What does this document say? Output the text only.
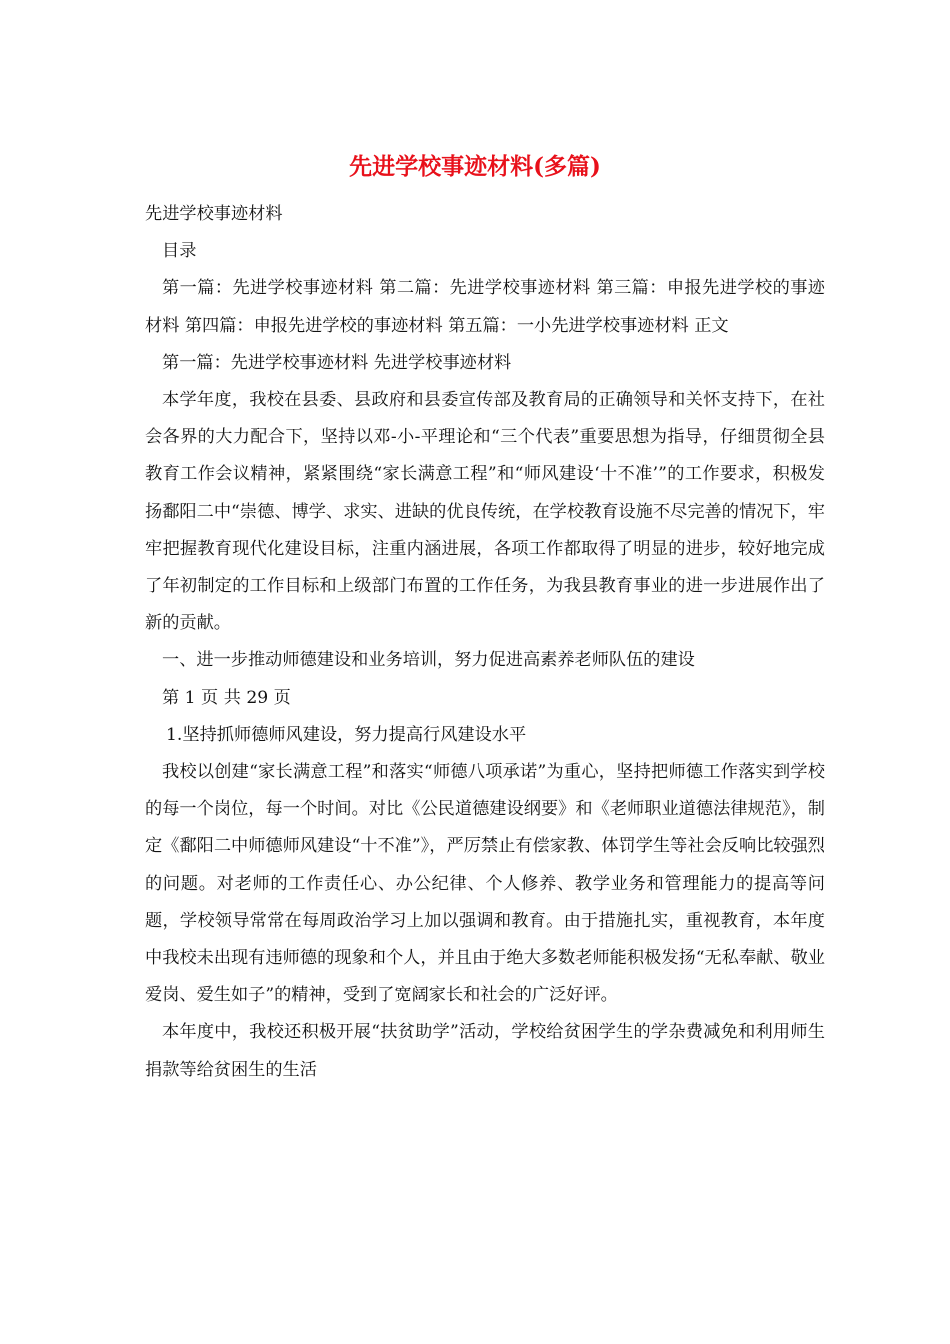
先进学校事迹材料(多篇)

先进学校事迹材料

目录

第一篇：先进学校事迹材料 第二篇：先进学校事迹材料 第三篇：申报先进学校的事迹材料 第四篇：申报先进学校的事迹材料 第五篇：一小先进学校事迹材料 正文

第一篇：先进学校事迹材料 先进学校事迹材料

本学年度，我校在县委、县政府和县委宣传部及教育局的正确领导和关怀支持下，在社会各界的大力配合下，坚持以邓-小-平理论和“三个代表”重要思想为指导，仔细贯彻全县教育工作会议精神，紧紧围绕“家长满意工程”和“师风建设‘十不准’”的工作要求，积极发扬鄱阳二中“崇德、博学、求实、进缺的优良传统，在学校教育设施不尽完善的情况下，牢牢把握教育现代化建设目标，注重内涵进展，各项工作都取得了明显的进步，较好地完成了年初制定的工作目标和上级部门布置的工作任务，为我县教育事业的进一步进展作出了新的贡献。

一、进一步推动师德建设和业务培训，努力促进高素养老师队伍的建设

第 1 页 共 29 页

1.坚持抓师德师风建设，努力提高行风建设水平

我校以创建“家长满意工程”和落实“师德八项承诺”为重心，坚持把师德工作落实到学校的每一个岗位，每一个时间。对比《公民道德建设纲要》和《老师职业道德法律规范》，制定《鄱阳二中师德师风建设“十不准”》，严厉禁止有偿家教、体罚学生等社会反响比较强烈的问题。对老师的工作责任心、办公纪律、个人修养、教学业务和管理能力的提高等问题，学校领导常常在每周政治学习上加以强调和教育。由于措施扎实，重视教育，本年度中我校未出现有违师德的现象和个人，并且由于绝大多数老师能积极发扬“无私奉献、敬业爱岗、爱生如子”的精神，受到了宽阔家长和社会的广泛好评。

本年度中，我校还积极开展“扶贫助学”活动，学校给贫困学生的学杂费减免和利用师生捐款等给贫困生的生活
